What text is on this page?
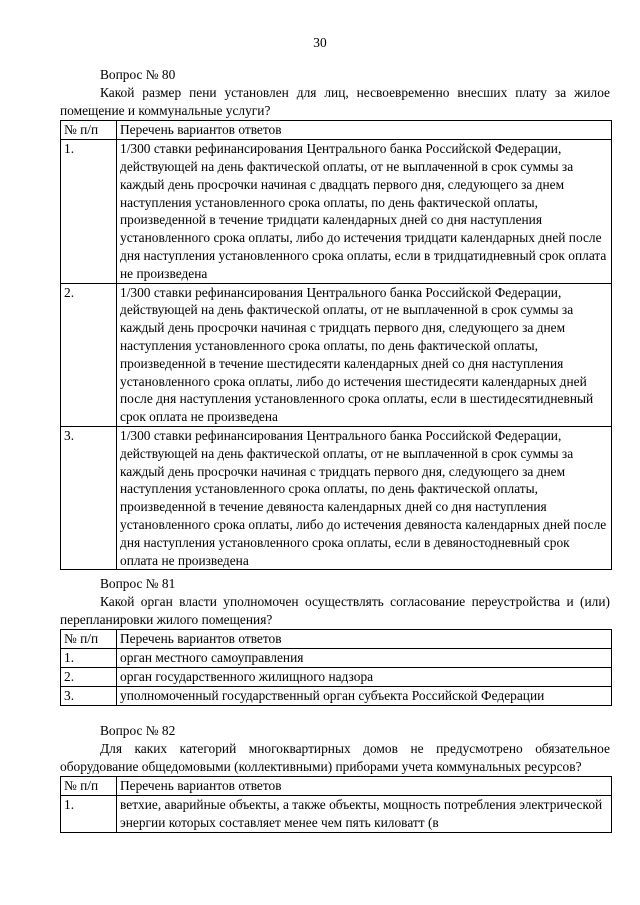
30
Вопрос № 80
Какой размер пени установлен для лиц, несвоевременно внесших плату за жилое помещение и коммунальные услуги?
№ п/п	Перечень вариантов ответов
1.	1/300 ставки рефинансирования Центрального банка Российской Федерации, действующей на день фактической оплаты, от не выплаченной в срок суммы за каждый день просрочки начиная с двадцать первого дня, следующего за днем наступления установленного срока оплаты, по день фактической оплаты, произведенной в течение тридцати календарных дней со дня наступления установленного срока оплаты, либо до истечения тридцати календарных дней после дня наступления установленного срока оплаты, если в тридцатидневный срок оплата не произведена
2.	1/300 ставки рефинансирования Центрального банка Российской Федерации, действующей на день фактической оплаты, от не выплаченной в срок суммы за каждый день просрочки начиная с тридцать первого дня, следующего за днем наступления установленного срока оплаты, по день фактической оплаты, произведенной в течение шестидесяти календарных дней со дня наступления установленного срока оплаты, либо до истечения шестидесяти календарных дней после дня наступления установленного срока оплаты, если в шестидесятидневный срок оплата не произведена
3.	1/300 ставки рефинансирования Центрального банка Российской Федерации, действующей на день фактической оплаты, от не выплаченной в срок суммы за каждый день просрочки начиная с тридцать первого дня, следующего за днем наступления установленного срока оплаты, по день фактической оплаты, произведенной в течение девяноста календарных дней со дня наступления установленного срока оплаты, либо до истечения девяноста календарных дней после дня наступления установленного срока оплаты, если в девяностодневный срок оплата не произведена
Вопрос № 81
Какой орган власти уполномочен осуществлять согласование переустройства и (или) перепланировки жилого помещения?
№ п/п	Перечень вариантов ответов
1.	орган местного самоуправления
2.	орган государственного жилищного надзора
3.	уполномоченный государственный орган субъекта Российской Федерации
Вопрос № 82
Для каких категорий многоквартирных домов не предусмотрено обязательное оборудование общедомовыми (коллективными) приборами учета коммунальных ресурсов?
№ п/п	Перечень вариантов ответов
1.	ветхие, аварийные объекты, а также объекты, мощность потребления электрической энергии которых составляет менее чем пять киловатт (в
